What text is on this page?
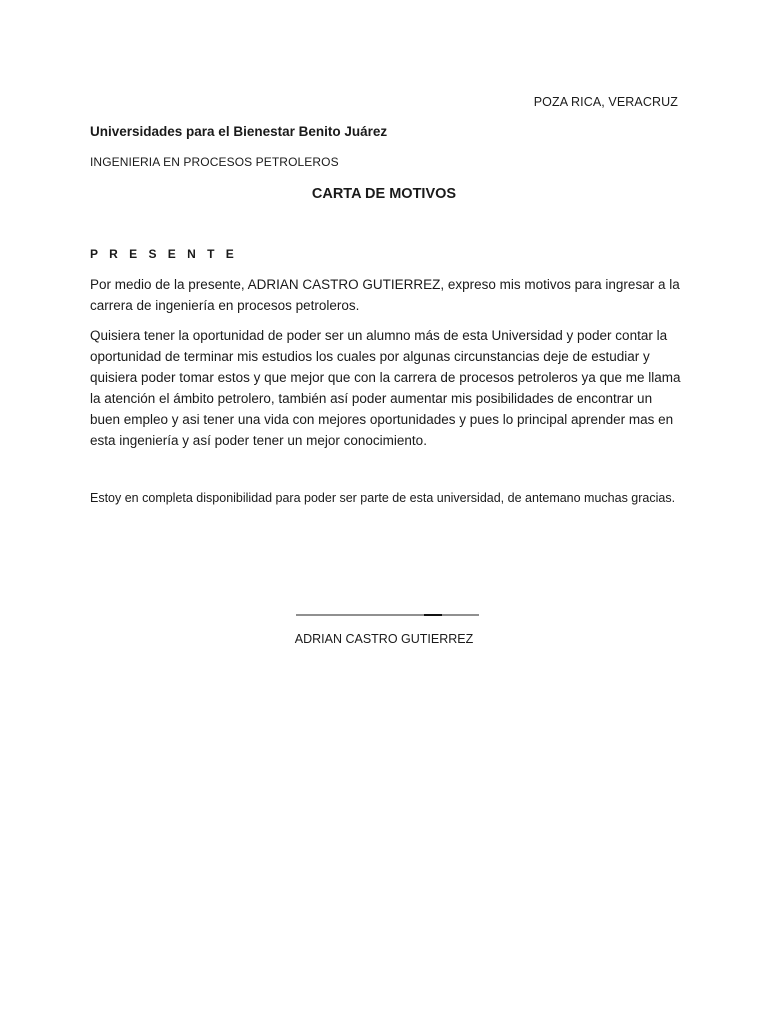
POZA RICA, VERACRUZ
Universidades para el Bienestar Benito Juárez
INGENIERIA EN PROCESOS PETROLEROS
CARTA DE MOTIVOS
P R E S E N T E

Por medio de la presente, ADRIAN CASTRO GUTIERREZ, expreso mis motivos para ingresar a la carrera de ingeniería en procesos petroleros.

Quisiera tener la oportunidad de poder ser un alumno más de esta Universidad y poder contar la oportunidad de terminar mis estudios los cuales por algunas circunstancias deje de estudiar y quisiera poder tomar estos y que mejor que con la carrera de procesos petroleros ya que me llama la atención el ámbito petrolero, también así poder aumentar mis posibilidades de encontrar un buen empleo y asi tener una vida con mejores oportunidades y pues lo principal aprender mas en esta ingeniería y así poder tener un mejor conocimiento.

Estoy en completa disponibilidad para poder ser parte de esta universidad, de antemano muchas gracias.

ADRIAN CASTRO GUTIERREZ
